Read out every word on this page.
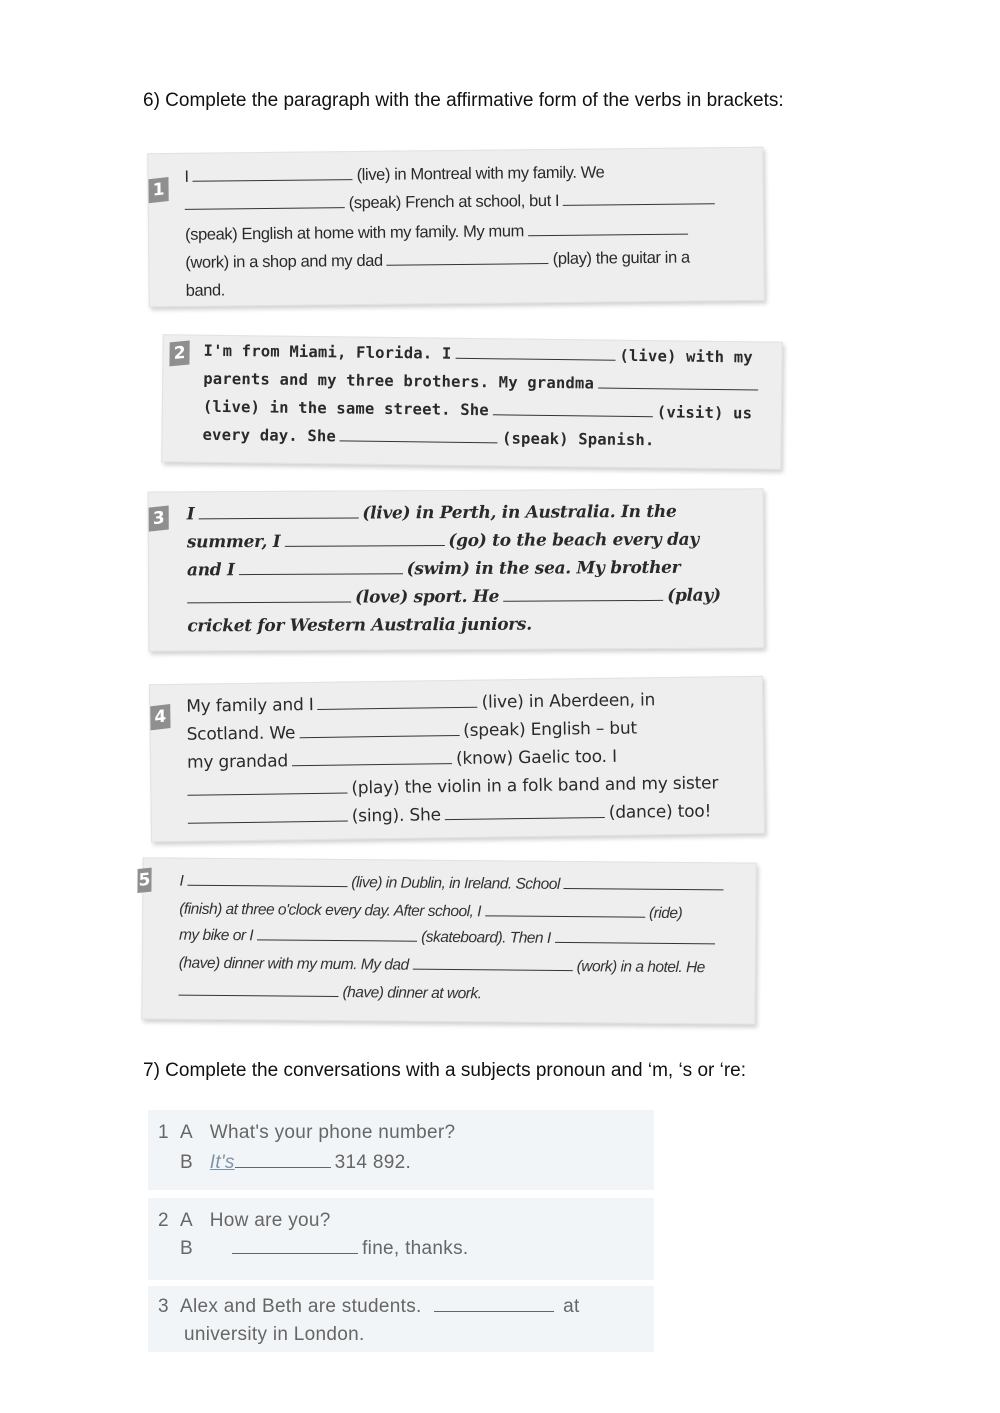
6) Complete the paragraph with the affirmative form of the verbs in brackets:
1
I	(live) in Montreal with my family. We
(speak) French at school, but I
(speak) English at home with my family. My mum
(work) in a shop and my dad	(play) the guitar in a
band.
2 I'm from Miami, Florida. I	(live) with my
parents and my three brothers. My grandma
(live) in the same street. She	(visit) us
every day. She	(speak) Spanish.
3 I	(live) in Perth, in Australia. In the
summer, I	(go) to the beach every day
and I	(swim) in the sea. My brother
(love) sport. He	(play)
cricket for Western Australia juniors.
4
My family and I	(live) in Aberdeen, in
Scotland. We	(speak) English – but
my grandad	(know) Gaelic too. I
(play) the violin in a folk band and my sister
(sing). She	(dance) too!
5 I	(live) in Dublin, in Ireland. School
(finish) at three o'clock every day. After school, I	(ride)
my bike or I	(skateboard). Then I
(have) dinner with my mum. My dad	(work) in a hotel. He
(have) dinner at work.
7) Complete the conversations with a subjects pronoun and ‘m, ‘s or ‘re:
1 A What's your phone number?
B It's	314 892.
2 A How are you?
B	fine, thanks.
3 Alex and Beth are students.	at
university in London.
